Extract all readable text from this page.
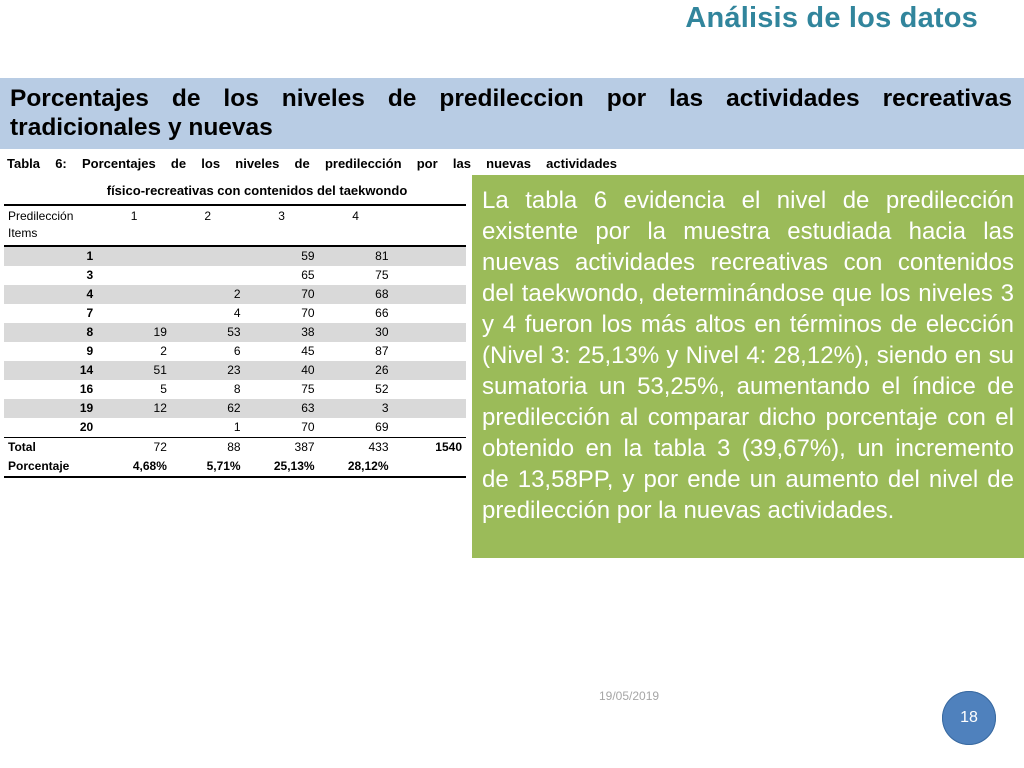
Análisis de los datos
Porcentajes de los niveles de predileccion por las actividades recreativas tradicionales y nuevas
Tabla 6: Porcentajes de los niveles de predilección por las nuevas actividades
físico-recreativas con contenidos del taekwondo
Predilección Items	1	2	3	4	
1			59	81	
3			65	75	
4		2	70	68	
7		4	70	66	
8	19	53	38	30	
9	2	6	45	87	
14	51	23	40	26	
16	5	8	75	52	
19	12	62	63	3	
20		1	70	69	
Total	72	88	387	433	1540
Porcentaje	4,68%	5,71%	25,13%	28,12%	
La tabla 6 evidencia el nivel de predilección existente por la muestra estudiada hacia las nuevas actividades recreativas con contenidos del taekwondo, determinándose que los niveles 3 y 4 fueron los más altos en términos de elección (Nivel 3: 25,13% y Nivel 4: 28,12%), siendo en su sumatoria un 53,25%, aumentando el índice de predilección al comparar dicho porcentaje con el obtenido en la tabla 3 (39,67%), un incremento de 13,58PP, y por ende un aumento del nivel de predilección por la nuevas actividades.
19/05/2019
18
